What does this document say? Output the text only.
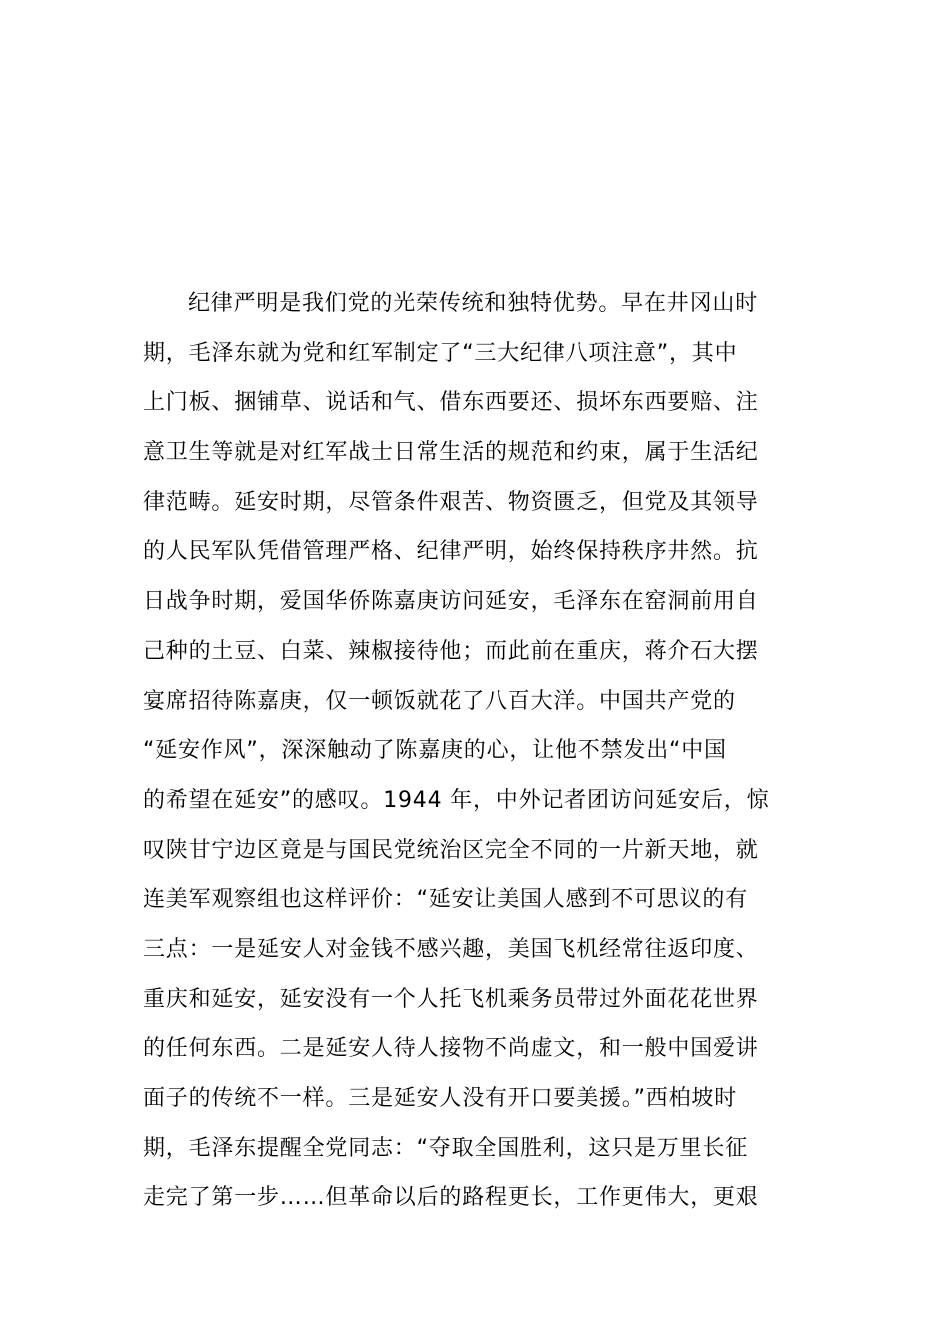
纪律严明是我们党的光荣传统和独特优势。早在井冈山时
期，毛泽东就为党和红军制定了“三大纪律八项注意”，其中
上门板、捆铺草、说话和气、借东西要还、损坏东西要赔、注
意卫生等就是对红军战士日常生活的规范和约束，属于生活纪
律范畴。延安时期，尽管条件艰苦、物资匮乏，但党及其领导
的人民军队凭借管理严格、纪律严明，始终保持秩序井然。抗
日战争时期，爱国华侨陈嘉庚访问延安，毛泽东在窑洞前用自
己种的土豆、白菜、辣椒接待他；而此前在重庆，蒋介石大摆
宴席招待陈嘉庚，仅一顿饭就花了八百大洋。中国共产党的
“延安作风”，深深触动了陈嘉庚的心，让他不禁发出“中国
的希望在延安”的感叹。1944 年，中外记者团访问延安后，惊
叹陕甘宁边区竟是与国民党统治区完全不同的一片新天地，就
连美军观察组也这样评价：“延安让美国人感到不可思议的有
三点：一是延安人对金钱不感兴趣，美国飞机经常往返印度、
重庆和延安，延安没有一个人托飞机乘务员带过外面花花世界
的任何东西。二是延安人待人接物不尚虚文，和一般中国爱讲
面子的传统不一样。三是延安人没有开口要美援。”西柏坡时
期，毛泽东提醒全党同志：“夺取全国胜利，这只是万里长征
走完了第一步……但革命以后的路程更长，工作更伟大，更艰
